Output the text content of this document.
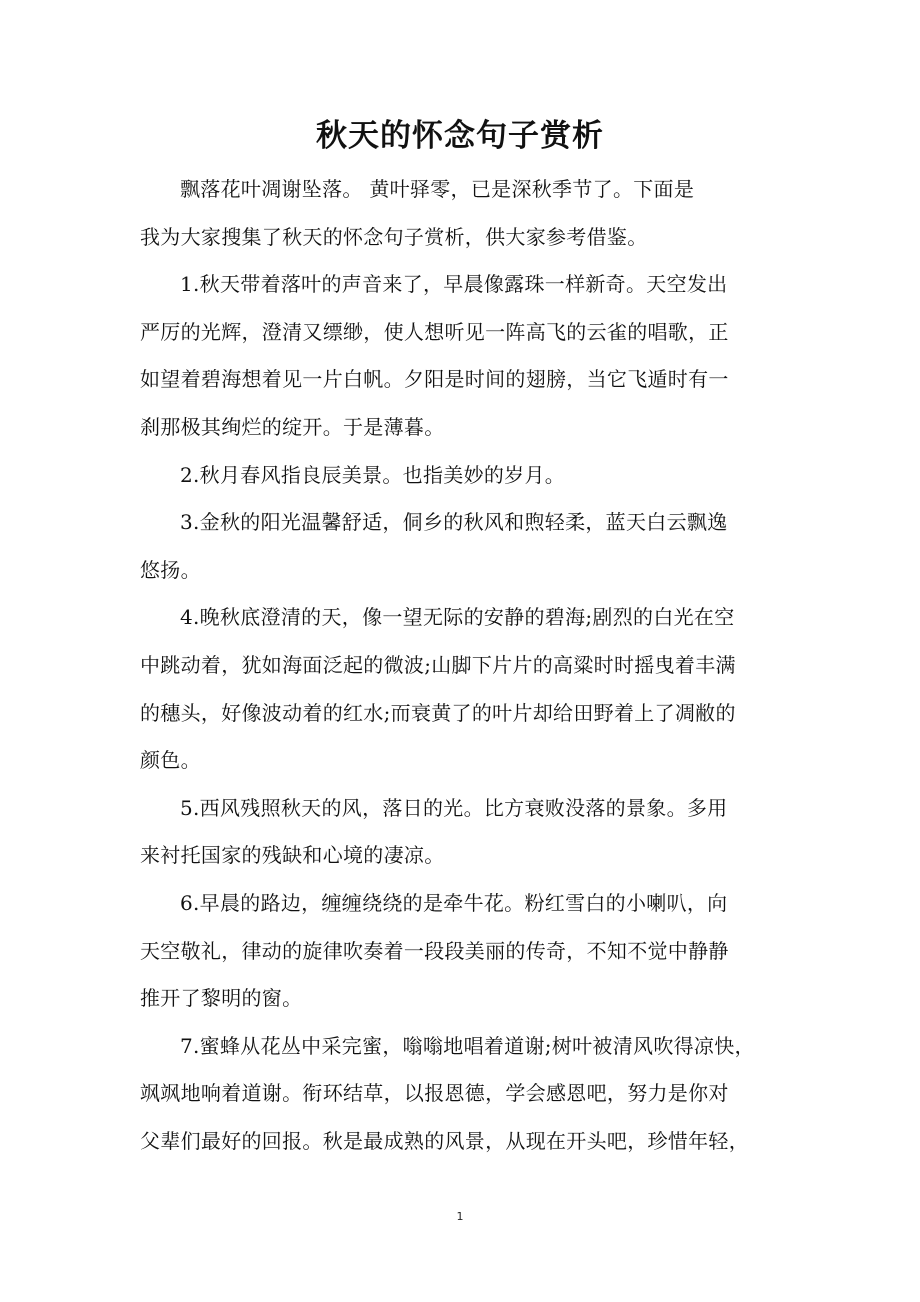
秋天的怀念句子赏析
飘落花叶凋谢坠落。 黄叶驿零，已是深秋季节了。下面是
我为大家搜集了秋天的怀念句子赏析，供大家参考借鉴。
1.秋天带着落叶的声音来了，早晨像露珠一样新奇。天空发出
严厉的光辉，澄清又缥缈，使人想听见一阵高飞的云雀的唱歌，正
如望着碧海想着见一片白帆。夕阳是时间的翅膀，当它飞遁时有一
刹那极其绚烂的绽开。于是薄暮。
2.秋月春风指良辰美景。也指美妙的岁月。
3.金秋的阳光温馨舒适，侗乡的秋风和煦轻柔，蓝天白云飘逸
悠扬。
4.晚秋底澄清的天，像一望无际的安静的碧海;剧烈的白光在空
中跳动着，犹如海面泛起的微波;山脚下片片的高粱时时摇曳着丰满
的穗头，好像波动着的红水;而衰黄了的叶片却给田野着上了凋敝的
颜色。
5.西风残照秋天的风，落日的光。比方衰败没落的景象。多用
来衬托国家的残缺和心境的凄凉。
6.早晨的路边，缠缠绕绕的是牵牛花。粉红雪白的小喇叭，向
天空敬礼，律动的旋律吹奏着一段段美丽的传奇，不知不觉中静静
推开了黎明的窗。
7.蜜蜂从花丛中采完蜜，嗡嗡地唱着道谢;树叶被清风吹得凉快，
飒飒地响着道谢。衔环结草，以报恩德，学会感恩吧，努力是你对
父辈们最好的回报。秋是最成熟的风景，从现在开头吧，珍惜年轻，
1
